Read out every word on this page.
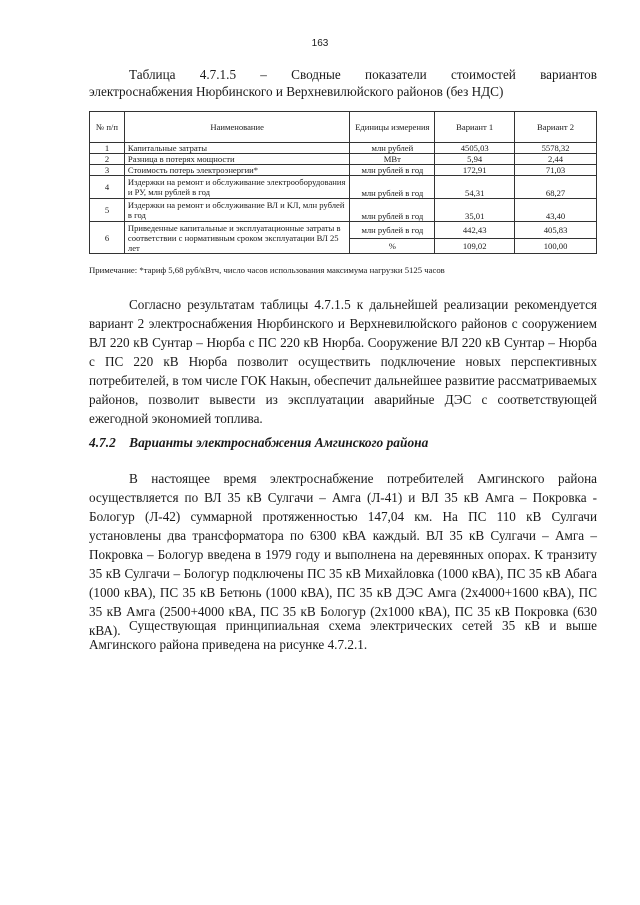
163
Таблица 4.7.1.5 – Сводные показатели стоимостей вариантов
электроснабжения Нюрбинского и Верхневилюйского районов (без НДС)
№ п/п	Наименование	Единицы измерения	Вариант 1	Вариант 2
1	Капитальные затраты	млн рублей	4505,03	5578,32
2	Разница в потерях мощности	МВт	5,94	2,44
3	Стоимость потерь электроэнергии*	млн рублей в год	172,91	71,03
4	Издержки на ремонт и обслуживание электрооборудования и РУ, млн рублей в год	млн рублей в год	54,31	68,27
5	Издержки на ремонт и обслуживание ВЛ и КЛ, млн рублей в год	млн рублей в год	35,01	43,40
6	Приведенные капитальные и эксплуатационные затраты в соответствии с нормативным сроком эксплуатации ВЛ 25 лет	млн рублей в год	442,43	405,83
		%	109,02	100,00
Примечание: *тариф 5,68 руб/кВтч, число часов использования максимума нагрузки 5125 часов

Согласно результатам таблицы 4.7.1.5 к дальнейшей реализации рекомендуется вариант 2 электроснабжения Нюрбинского и Верхневилюйского районов с сооружением ВЛ 220 кВ Сунтар – Нюрба с ПС 220 кВ Нюрба. Сооружение ВЛ 220 кВ Сунтар – Нюрба с ПС 220 кВ Нюрба позволит осуществить подключение новых перспективных потребителей, в том числе ГОК Накын, обеспечит дальнейшее развитие рассматриваемых районов, позволит вывести из эксплуатации аварийные ДЭС с соответствующей ежегодной экономией топлива.

4.7.2 Варианты электроснабжения Амгинского района

В настоящее время электроснабжение потребителей Амгинского района осуществляется по ВЛ 35 кВ Сулгачи – Амга (Л-41) и ВЛ 35 кВ Амга – Покровка - Бологур (Л-42) суммарной протяженностью 147,04 км. На ПС 110 кВ Сулгачи установлены два трансформатора по 6300 кВА каждый. ВЛ 35 кВ Сулгачи – Амга – Покровка – Бологур введена в 1979 году и выполнена на деревянных опорах. К транзиту 35 кВ Сулгачи – Бологур подключены ПС 35 кВ Михайловка (1000 кВА), ПС 35 кВ Абага (1000 кВА), ПС 35 кВ Бетюнь (1000 кВА), ПС 35 кВ ДЭС Амга (2х4000+1600 кВА), ПС 35 кВ Амга (2500+4000 кВА, ПС 35 кВ Бологур (2х1000 кВА), ПС 35 кВ Покровка (630 кВА). Существующая принципиальная схема электрических сетей 35 кВ и выше Амгинского района приведена на рисунке 4.7.2.1.
